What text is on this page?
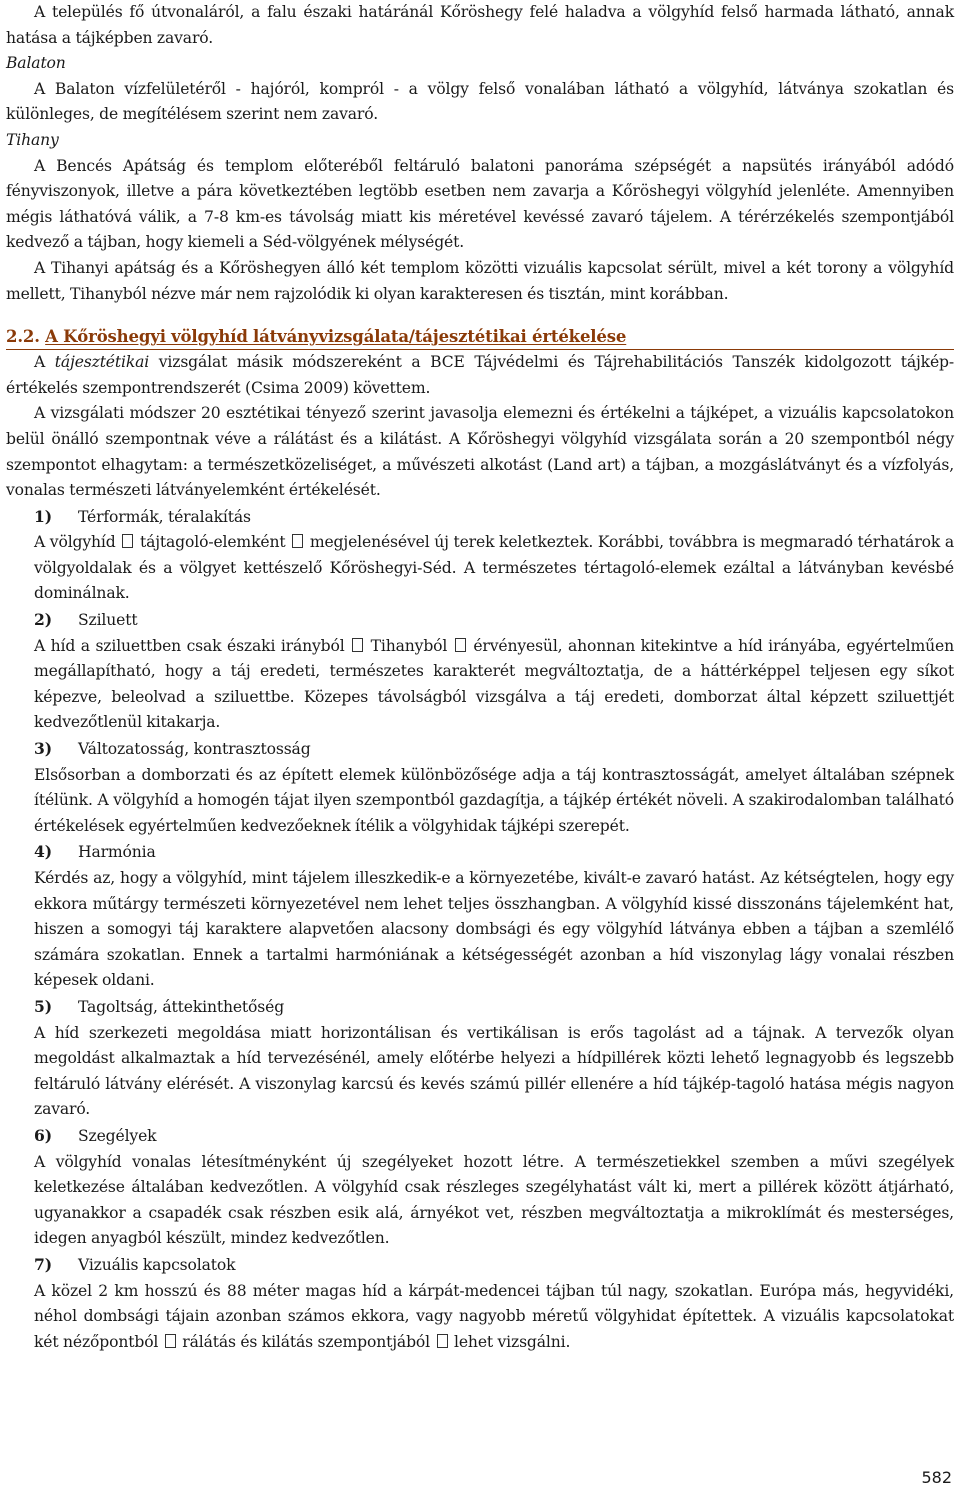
A település fő útvonaláról, a falu északi határánál Kőröshegy felé haladva a völgyhíd felső harmada látható, annak hatása a tájképben zavaró.

Balaton

A Balaton vízfelületéről - hajóról, kompról - a völgy felső vonalában látható a völgyhíd, látványa szokatlan és különleges, de megítélésem szerint nem zavaró.

Tihany

A Bencés Apátság és templom előteréből feltáruló balatoni panoráma szépségét a napsütés irányából adódó fényviszonyok, illetve a pára következtében legtöbb esetben nem zavarja a Kőröshegyi völgyhíd jelenléte. Amennyiben mégis láthatóvá válik, a 7-8 km-es távolság miatt kis méretével kevéssé zavaró tájelem. A térérzékelés szempontjából kedvező a tájban, hogy kiemeli a Séd-völgyének mélységét.

A Tihanyi apátság és a Kőröshegyen álló két templom közötti vizuális kapcsolat sérült, mivel a két torony a völgyhíd mellett, Tihanyból nézve már nem rajzolódik ki olyan karakteresen és tisztán, mint korábban.

2.2. A Kőröshegyi völgyhíd látványvizsgálata/tájesztétikai értékelése

A tájesztétikai vizsgálat másik módszereként a BCE Tájvédelmi és Tájrehabilitációs Tanszék kidolgozott tájkép-értékelés szempontrendszerét (Csima 2009) követtem.

A vizsgálati módszer 20 esztétikai tényező szerint javasolja elemezni és értékelni a tájképet, a vizuális kapcsolatokon belül önálló szempontnak véve a rálátást és a kilátást. A Kőröshegyi völgyhíd vizsgálata során a 20 szempontból négy szempontot elhagytam: a természetközeliséget, a művészeti alkotást (Land art) a tájban, a mozgáslátványt és a vízfolyás, vonalas természeti látványelemként értékelését.

1) Térformák, téralakítás

A völgyhíd  tájtagoló-elemként  megjelenésével új terek keletkeztek. Korábbi, továbbra is megmaradó térhatárok a völgyoldalak és a völgyet kettészelő Kőröshegyi-Séd. A természetes tértagoló-elemek ezáltal a látványban kevésbé dominálnak.

2) Sziluett

A híd a sziluettben csak északi irányból  Tihanyból  érvényesül, ahonnan kitekintve a híd irányába, egyértelműen megállapítható, hogy a táj eredeti, természetes karakterét megváltoztatja, de a háttérképpel teljesen egy síkot képezve, beleolvad a sziluettbe. Közepes távolságból vizsgálva a táj eredeti, domborzat által képzett sziluettjét kedvezőtlenül kitakarja.

3) Változatosság, kontrasztosság

Elsősorban a domborzati és az épített elemek különbözősége adja a táj kontrasztosságát, amelyet általában szépnek ítélünk. A völgyhíd a homogén tájat ilyen szempontból gazdagítja, a tájkép értékét növeli. A szakirodalomban található értékelések egyértelműen kedvezőeknek ítélik a völgyhidak tájképi szerepét.

4) Harmónia

Kérdés az, hogy a völgyhíd, mint tájelem illeszkedik-e a környezetébe, kivált-e zavaró hatást. Az kétségtelen, hogy egy ekkora műtárgy természeti környezetével nem lehet teljes összhangban. A völgyhíd kissé disszonáns tájelemként hat, hiszen a somogyi táj karaktere alapvetően alacsony dombsági és egy völgyhíd látványa ebben a tájban a szemlélő számára szokatlan. Ennek a tartalmi harmóniának a kétségességét azonban a híd viszonylag lágy vonalai részben képesek oldani.

5) Tagoltság, áttekinthetőség

A híd szerkezeti megoldása miatt horizontálisan és vertikálisan is erős tagolást ad a tájnak. A tervezők olyan megoldást alkalmaztak a híd tervezésénél, amely előtérbe helyezi a hídpillérek közti lehető legnagyobb és legszebb feltáruló látvány elérését. A viszonylag karcsú és kevés számú pillér ellenére a híd tájkép-tagoló hatása mégis nagyon zavaró.

6) Szegélyek

A völgyhíd vonalas létesítményként új szegélyeket hozott létre. A természetiekkel szemben a művi szegélyek keletkezése általában kedvezőtlen. A völgyhíd csak részleges szegélyhatást vált ki, mert a pillérek között átjárható, ugyanakkor a csapadék csak részben esik alá, árnyékot vet, részben megváltoztatja a mikroklímát és mesterséges, idegen anyagból készült, mindez kedvezőtlen.

7) Vizuális kapcsolatok

A közel 2 km hosszú és 88 méter magas híd a kárpát-medencei tájban túl nagy, szokatlan. Európa más, hegyvidéki, néhol dombsági tájain azonban számos ekkora, vagy nagyobb méretű völgyhidat építettek. A vizuális kapcsolatokat két nézőpontból  rálátás és kilátás szempontjából  lehet vizsgálni.

582
